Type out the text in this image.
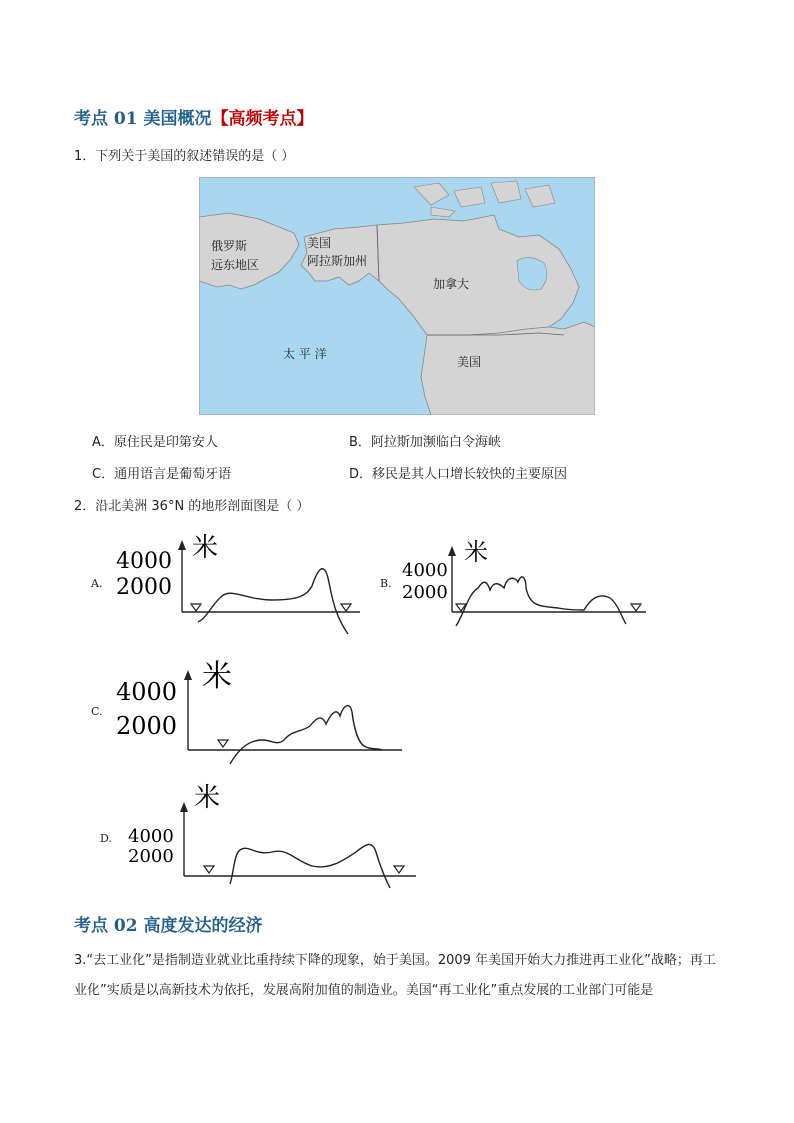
考点 01 美国概况【高频考点】
1．下列关于美国的叙述错误的是（ ）
俄罗斯
远东地区
美国
阿拉斯加州
加拿大
太 平 洋
美国
A．原住民是印第安人	B．阿拉斯加濒临白令海峡
C．通用语言是葡萄牙语	D．移民是其人口增长较快的主要原因
2．沿北美洲 36°N 的地形剖面图是（ ）
A.
米
4000
2000	B.
米
4000
2000
C.
米
4000
2000
D.
米
4000
2000
考点 02 高度发达的经济
3.“去工业化”是指制造业就业比重持续下降的现象，始于美国。2009 年美国开始大力推进再工业化”战略；再工业化”实质是以高新技术为依托，发展高附加值的制造业。美国“再工业化”重点发展的工业部门可能是
